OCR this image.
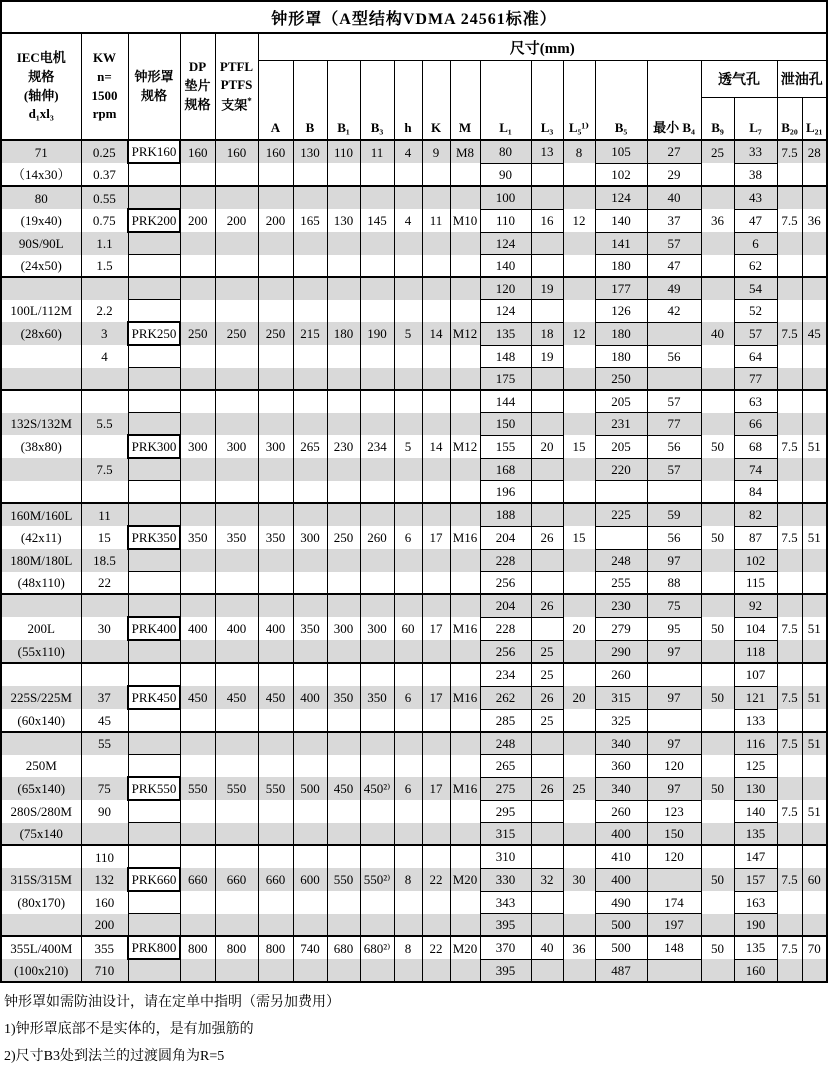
钟形罩（A型结构VDMA 24561标准）																				

IEC电机
规格
(轴伸)
d₁xl₃	KW
n=
1500
rpm	钟形罩
规格	DP
垫片
规格	PTFL
PTFS
支架*	尺寸(mm)															
					A	B	B₁	B₃	h	K	M	L₁	L₃	L₅¹⁾	B₅	最小 B₄	透气孔		泄油孔	
																	B₉	L₇	B₂₀	L₂₁
71	0.25	PRK160	160	160	160	130	110	11	4	9	M8	80	13	8	105	27	25	33	7.5	28
（14x30）	0.37											90			102	29		38		
80	0.55											100			124	40		43		
(19x40)	0.75	PRK200	200	200	200	165	130	145	4	11	M10	110	16	12	140	37	36	47	7.5	36
90S/90L	1.1											124			141	57		6		
(24x50)	1.5											140			180	47		62		
												120	19		177	49		54		
100L/112M	2.2											124			126	42		52		
(28x60)	3	PRK250	250	250	250	215	180	190	5	14	M12	135	18	12	180		40	57	7.5	45
	4											148	19		180	56		64		
												175			250			77		
												144			205	57		63		
132S/132M	5.5											150			231	77		66		
(38x80)		PRK300	300	300	300	265	230	234	5	14	M12	155	20	15	205	56	50	68	7.5	51
	7.5											168			220	57		74		
												196						84		
160M/160L	11											188			225	59		82		
(42x11)	15	PRK350	350	350	350	300	250	260	6	17	M16	204	26	15		56	50	87	7.5	51
180M/180L	18.5											228			248	97		102		
(48x110)	22											256			255	88		115		
												204	26		230	75		92		
200L	30	PRK400	400	400	400	350	300	300	60	17	M16	228		20	279	95	50	104	7.5	51
(55x110)												256	25		290	97		118		
												234	25		260			107		
225S/225M	37	PRK450	450	450	450	400	350	350	6	17	M16	262	26	20	315	97	50	121	7.5	51
(60x140)	45											285	25		325			133		
	55											248			340	97		116	7.5	51
250M												265			360	120		125		
(65x140)	75	PRK550	550	550	550	500	450	450²⁾	6	17	M16	275	26	25	340	97	50	130		
280S/280M	90											295			260	123		140	7.5	51
(75x140												315			400	150		135		
	110											310			410	120		147		
315S/315M	132	PRK660	660	660	660	600	550	550²⁾	8	22	M20	330	32	30	400		50	157	7.5	60
(80x170)	160											343			490	174		163		
	200											395			500	197		190		
355L/400M	355	PRK800	800	800	800	740	680	680²⁾	8	22	M20	370	40	36	500	148	50	135	7.5	70
(100x210)	710											395			487			160		
钟形罩如需防油设计，请在定单中指明（需另加费用）
1)钟形罩底部不是实体的，是有加强筋的
2)尺寸B3处到法兰的过渡圆角为R=5
